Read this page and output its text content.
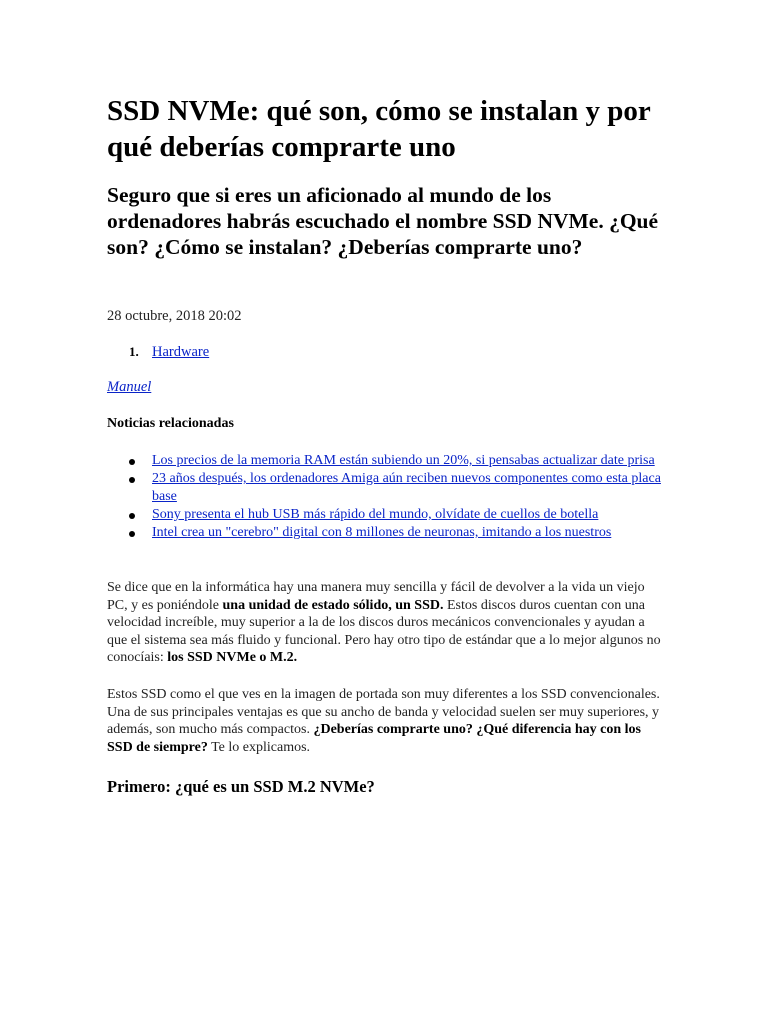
SSD NVMe: qué son, cómo se instalan y por qué deberías comprarte uno
Seguro que si eres un aficionado al mundo de los ordenadores habrás escuchado el nombre SSD NVMe. ¿Qué son? ¿Cómo se instalan? ¿Deberías comprarte uno?
28 octubre, 2018 20:02
1. Hardware
Manuel
Noticias relacionadas
Los precios de la memoria RAM están subiendo un 20%, si pensabas actualizar date prisa
23 años después, los ordenadores Amiga aún reciben nuevos componentes como esta placa base
Sony presenta el hub USB más rápido del mundo, olvídate de cuellos de botella
Intel crea un "cerebro" digital con 8 millones de neuronas, imitando a los nuestros

Se dice que en la informática hay una manera muy sencilla y fácil de devolver a la vida un viejo PC, y es poniéndole una unidad de estado sólido, un SSD. Estos discos duros cuentan con una velocidad increíble, muy superior a la de los discos duros mecánicos convencionales y ayudan a que el sistema sea más fluido y funcional. Pero hay otro tipo de estándar que a lo mejor algunos no conocíais: los SSD NVMe o M.2.

Estos SSD como el que ves en la imagen de portada son muy diferentes a los SSD convencionales. Una de sus principales ventajas es que su ancho de banda y velocidad suelen ser muy superiores, y además, son mucho más compactos. ¿Deberías comprarte uno? ¿Qué diferencia hay con los SSD de siempre? Te lo explicamos.

Primero: ¿qué es un SSD M.2 NVMe?
